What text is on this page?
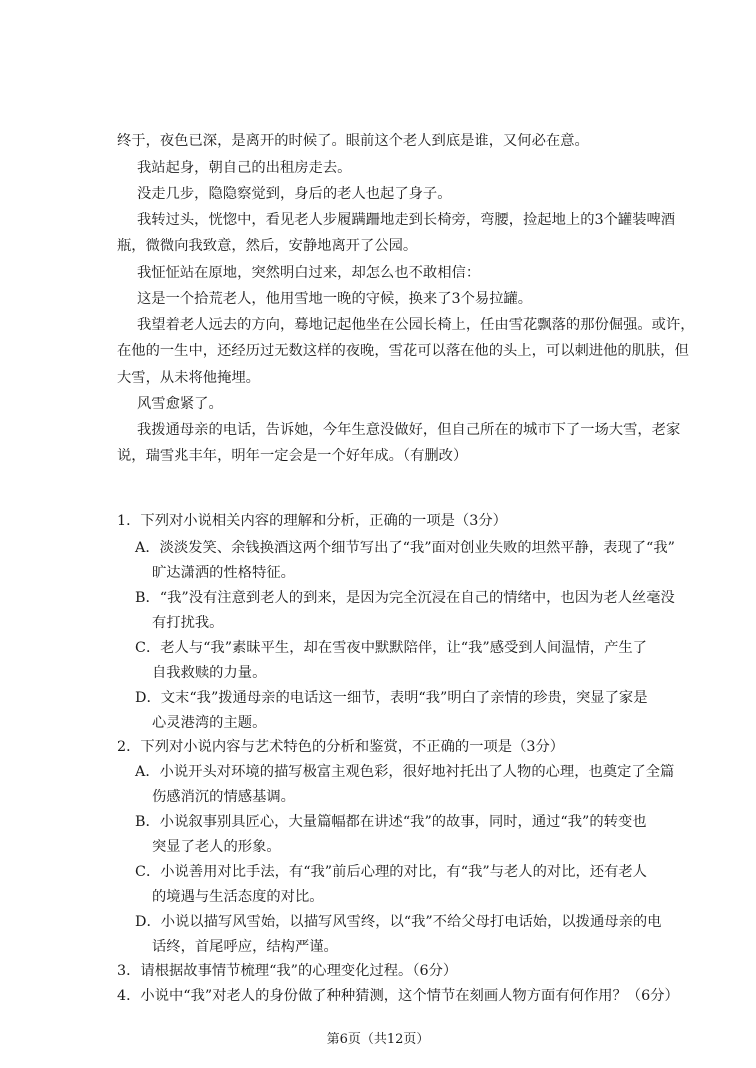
终于，夜色已深，是离开的时候了。眼前这个老人到底是谁，又何必在意。

我站起身，朝自己的出租房走去。

没走几步，隐隐察觉到，身后的老人也起了身子。

我转过头，恍惚中，看见老人步履蹒跚地走到长椅旁，弯腰，捡起地上的3个罐装啤酒

瓶，微微向我致意，然后，安静地离开了公园。

我怔怔站在原地，突然明白过来，却怎么也不敢相信：

这是一个拾荒老人，他用雪地一晚的守候，换来了3个易拉罐。

我望着老人远去的方向，蓦地记起他坐在公园长椅上，任由雪花飘落的那份倔强。或许，

在他的一生中，还经历过无数这样的夜晚，雪花可以落在他的头上，可以刺进他的肌肤，但

大雪，从未将他掩埋。

风雪愈紧了。

我拨通母亲的电话，告诉她，今年生意没做好，但自己所在的城市下了一场大雪，老家

说，瑞雪兆丰年，明年一定会是一个好年成。（有删改）

1．下列对小说相关内容的理解和分析，正确的一项是（3分）

A．淡淡发笑、余钱换酒这两个细节写出了“我”面对创业失败的坦然平静，表现了“我”
旷达潇洒的性格特征。
B．“我”没有注意到老人的到来，是因为完全沉浸在自己的情绪中，也因为老人丝毫没
有打扰我。
C．老人与“我”素昧平生，却在雪夜中默默陪伴，让“我”感受到人间温情，产生了
自我救赎的力量。
D．文末“我”拨通母亲的电话这一细节，表明“我”明白了亲情的珍贵，突显了家是
心灵港湾的主题。

2．下列对小说内容与艺术特色的分析和鉴赏，不正确的一项是（3分）

A．小说开头对环境的描写极富主观色彩，很好地衬托出了人物的心理，也奠定了全篇
伤感消沉的情感基调。
B．小说叙事别具匠心，大量篇幅都在讲述“我”的故事，同时，通过“我”的转变也
突显了老人的形象。
C．小说善用对比手法，有“我”前后心理的对比，有“我”与老人的对比，还有老人
的境遇与生活态度的对比。
D．小说以描写风雪始，以描写风雪终，以“我”不给父母打电话始，以拨通母亲的电
话终，首尾呼应，结构严谨。
第6页（共12页）

3．请根据故事情节梳理“我”的心理变化过程。（6分）

4．小说中“我”对老人的身份做了种种猜测，这个情节在刻画人物方面有何作用？（6分）
